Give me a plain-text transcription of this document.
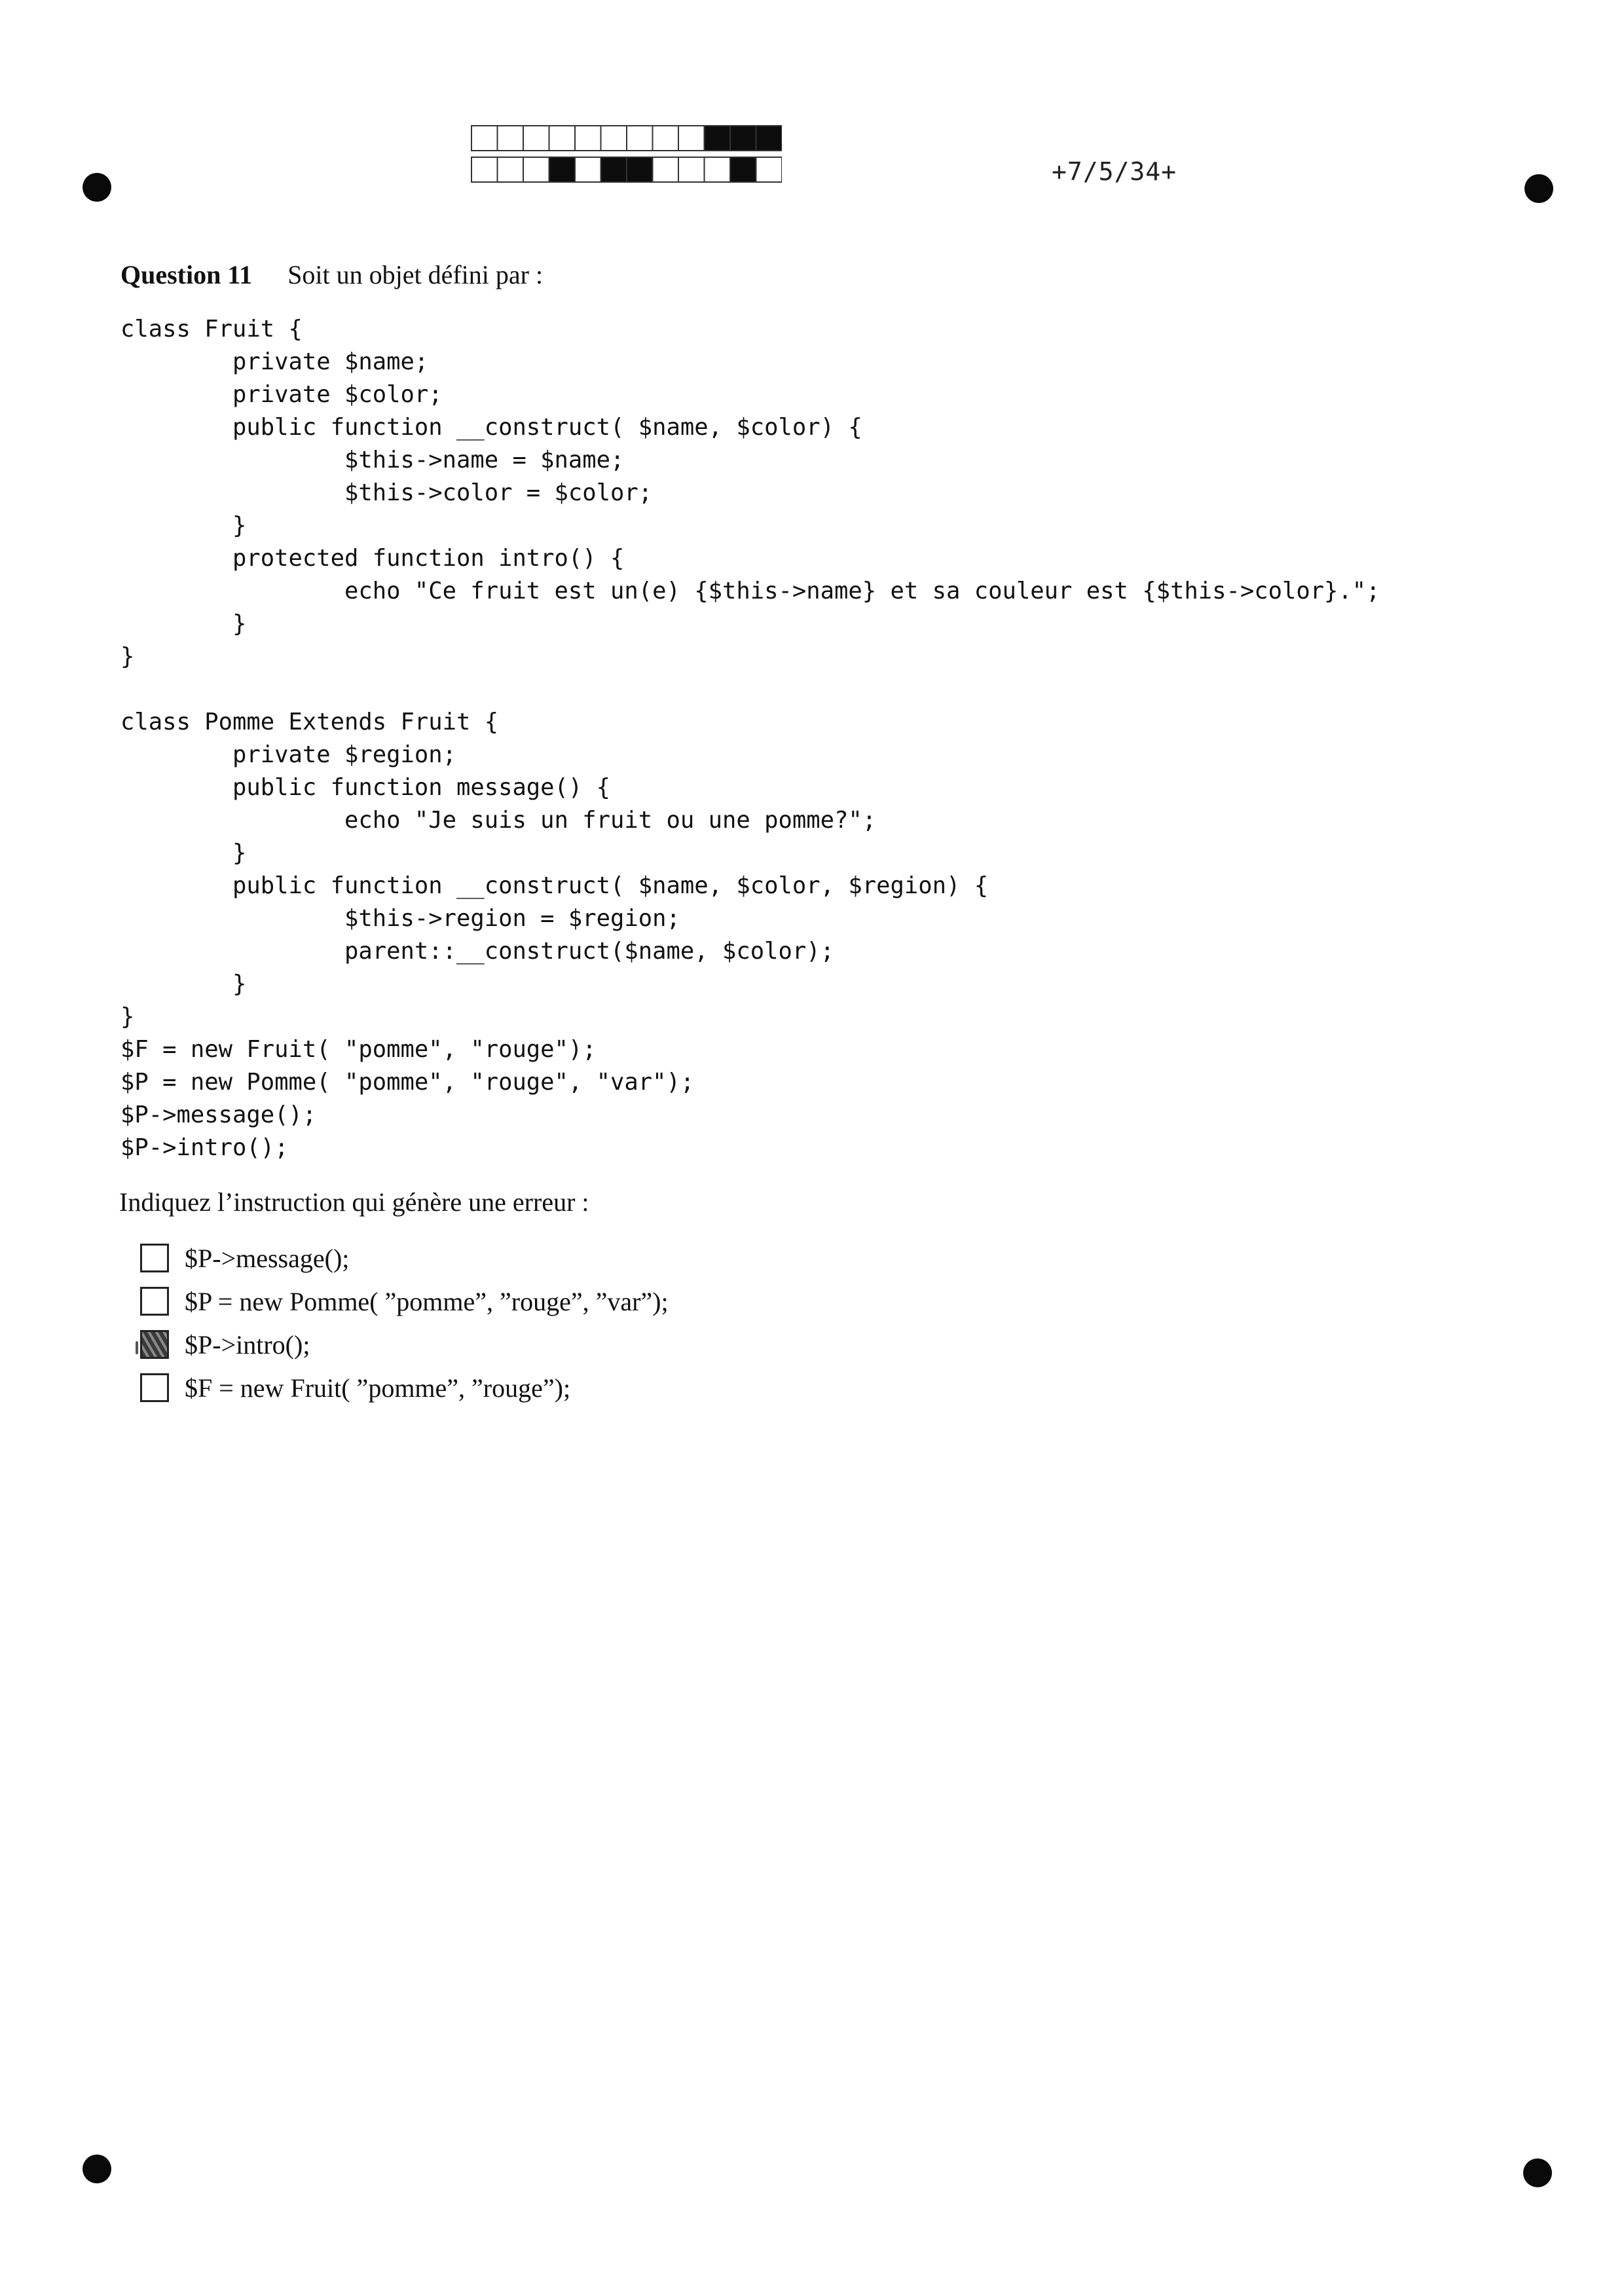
+7/5/34+
Question 11 Soit un objet défini par :
class Fruit {
private $name;
private $color;
public function __construct( $name, $color) {
$this->name = $name;
$this->color = $color;
}
protected function intro() {
echo "Ce fruit est un(e) {$this->name} et sa couleur est {$this->color}.";
}
}
class Pomme Extends Fruit {
private $region;
public function message() {
echo "Je suis un fruit ou une pomme?";
}
public function __construct( $name, $color, $region) {
$this->region = $region;
parent::__construct($name, $color);
}
}
$F = new Fruit( "pomme", "rouge");
$P = new Pomme( "pomme", "rouge", "var");
$P->message();
$P->intro();
Indiquez l’instruction qui génère une erreur :
$P->message();
$P = new Pomme( ”pomme”, ”rouge”, ”var”);
$P->intro();
$F = new Fruit( ”pomme”, ”rouge”);
